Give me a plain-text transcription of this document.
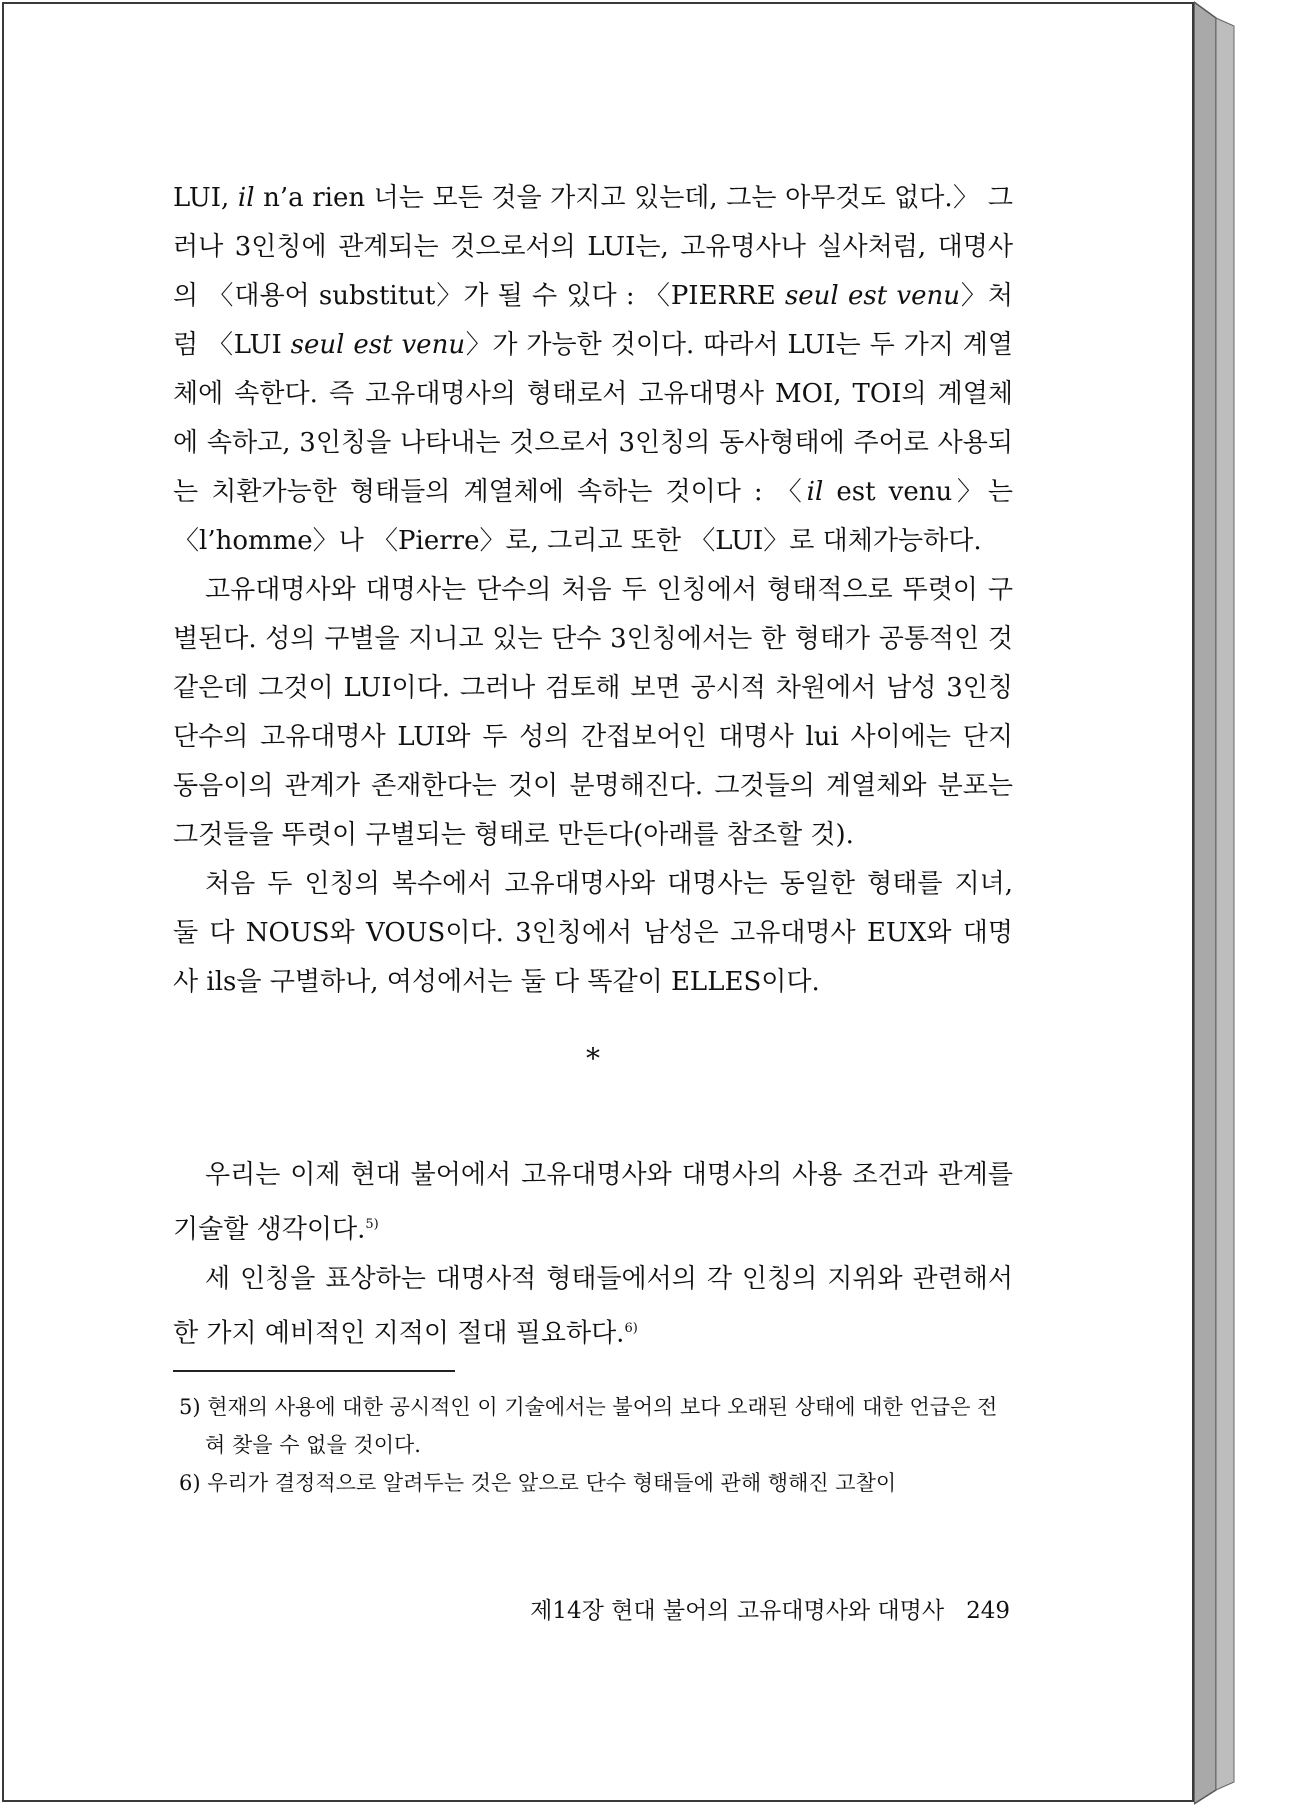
LUI, il n’a rien 너는 모든 것을 가지고 있는데, 그는 아무것도 없다.〉 그러나 3인칭에 관계되는 것으로서의 LUI는, 고유명사나 실사처럼, 대명사의 〈대용어 substitut〉가 될 수 있다 : 〈PIERRE seul est venu〉처럼 〈LUI seul est venu〉가 가능한 것이다. 따라서 LUI는 두 가지 계열체에 속한다. 즉 고유대명사의 형태로서 고유대명사 MOI, TOI의 계열체에 속하고, 3인칭을 나타내는 것으로서 3인칭의 동사형태에 주어로 사용되는 치환가능한 형태들의 계열체에 속하는 것이다 : 〈il est venu〉는 〈l’homme〉나 〈Pierre〉로, 그리고 또한 〈LUI〉로 대체가능하다.

고유대명사와 대명사는 단수의 처음 두 인칭에서 형태적으로 뚜렷이 구별된다. 성의 구별을 지니고 있는 단수 3인칭에서는 한 형태가 공통적인 것 같은데 그것이 LUI이다. 그러나 검토해 보면 공시적 차원에서 남성 3인칭 단수의 고유대명사 LUI와 두 성의 간접보어인 대명사 lui 사이에는 단지 동음이의 관계가 존재한다는 것이 분명해진다. 그것들의 계열체와 분포는 그것들을 뚜렷이 구별되는 형태로 만든다(아래를 참조할 것).

처음 두 인칭의 복수에서 고유대명사와 대명사는 동일한 형태를 지녀, 둘 다 NOUS와 VOUS이다. 3인칭에서 남성은 고유대명사 EUX와 대명사 ils을 구별하나, 여성에서는 둘 다 똑같이 ELLES이다.

*

우리는 이제 현대 불어에서 고유대명사와 대명사의 사용 조건과 관계를 기술할 생각이다.$^{5)}$

세 인칭을 표상하는 대명사적 형태들에서의 각 인칭의 지위와 관련해서 한 가지 예비적인 지적이 절대 필요하다.$^{6)}$

5) 현재의 사용에 대한 공시적인 이 기술에서는 불어의 보다 오래된 상태에 대한 언급은 전혀 찾을 수 없을 것이다.
6) 우리가 결정적으로 알려두는 것은 앞으로 단수 형태들에 관해 행해진 고찰이
제14장 현대 불어의 고유대명사와 대명사 249
